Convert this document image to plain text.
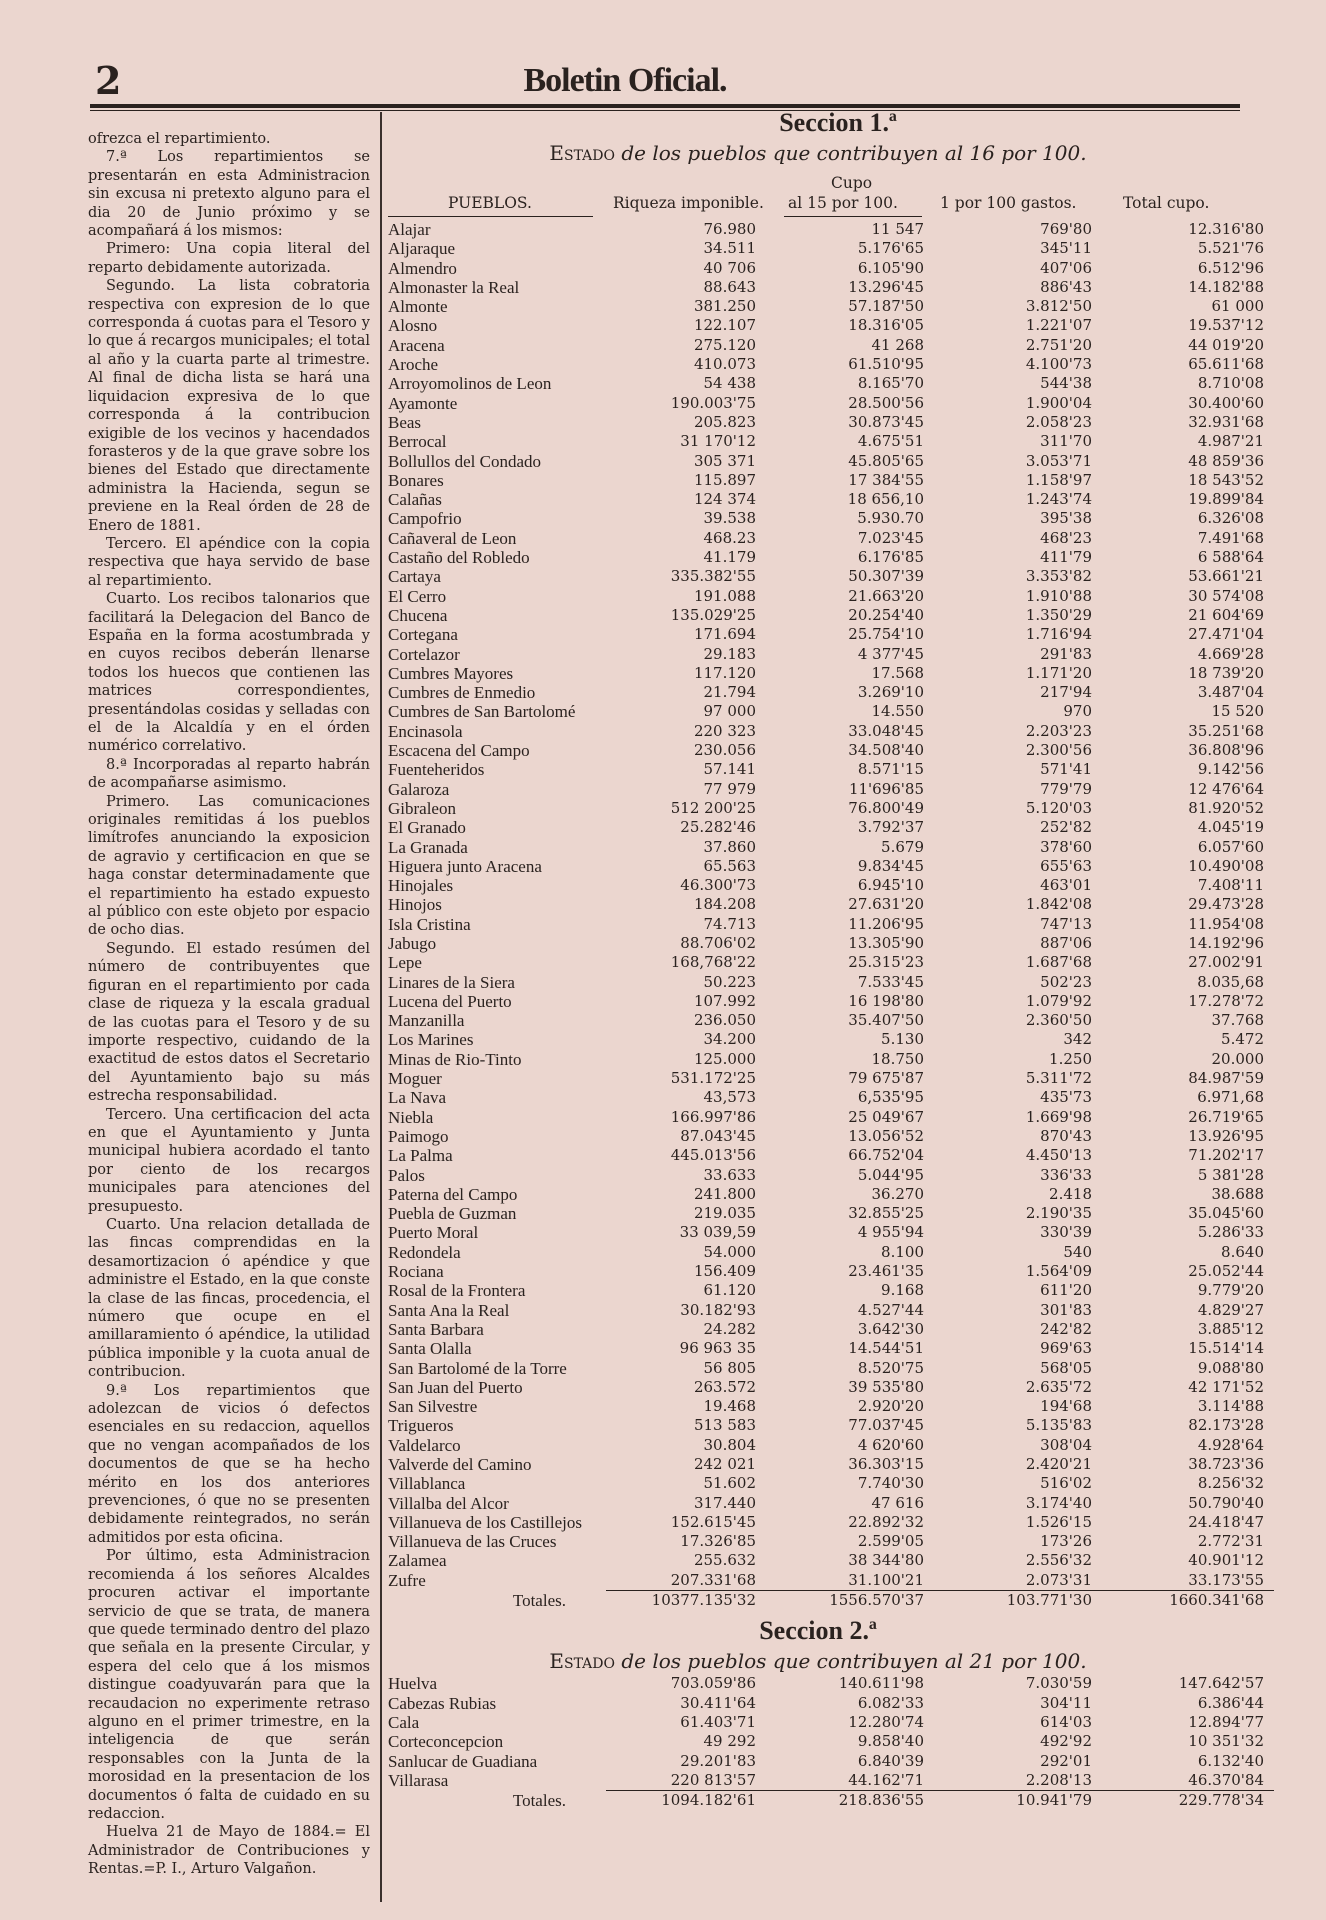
2	Boletin Oficial.

ofrezca el repartimiento.

7.ª Los repartimientos se presentarán en esta Administracion sin excusa ni pretexto alguno para el dia 20 de Junio próximo y se acompañará á los mismos:

Primero: Una copia literal del reparto debidamente autorizada.

Segundo. La lista cobratoria respectiva con expresion de lo que corresponda á cuotas para el Tesoro y lo que á recargos municipales; el total al año y la cuarta parte al trimestre. Al final de dicha lista se hará una liquidacion expresiva de lo que corresponda á la contribucion exigible de los vecinos y hacendados forasteros y de la que grave sobre los bienes del Estado que directamente administra la Hacienda, segun se previene en la Real órden de 28 de Enero de 1881.

Tercero. El apéndice con la copia respectiva que haya servido de base al repartimiento.

Cuarto. Los recibos talonarios que facilitará la Delegacion del Banco de España en la forma acostumbrada y en cuyos recibos deberán llenarse todos los huecos que contienen las matrices correspondientes, presentándolas cosidas y selladas con el de la Alcaldía y en el órden numérico correlativo.

8.ª Incorporadas al reparto habrán de acompañarse asimismo.

Primero. Las comunicaciones originales remitidas á los pueblos limítrofes anunciando la exposicion de agravio y certificacion en que se haga constar determinadamente que el repartimiento ha estado expuesto al público con este objeto por espacio de ocho dias.

Segundo. El estado resúmen del número de contribuyentes que figuran en el repartimiento por cada clase de riqueza y la escala gradual de las cuotas para el Tesoro y de su importe respectivo, cuidando de la exactitud de estos datos el Secretario del Ayuntamiento bajo su más estrecha responsabilidad.

Tercero. Una certificacion del acta en que el Ayuntamiento y Junta municipal hubiera acordado el tanto por ciento de los recargos municipales para atenciones del presupuesto.

Cuarto. Una relacion detallada de las fincas comprendidas en la desamortizacion ó apéndice y que administre el Estado, en la que conste la clase de las fincas, procedencia, el número que ocupe en el amillaramiento ó apéndice, la utilidad pública imponible y la cuota anual de contribucion.

9.ª Los repartimientos que adolezcan de vicios ó defectos esenciales en su redaccion, aquellos que no vengan acompañados de los documentos de que se ha hecho mérito en los dos anteriores prevenciones, ó que no se presenten debidamente reintegrados, no serán admitidos por esta oficina.

Por último, esta Administracion recomienda á los señores Alcaldes procuren activar el importante servicio de que se trata, de manera que quede terminado dentro del plazo que señala en la presente Circular, y espera del celo que á los mismos distingue coadyuvarán para que la recaudacion no experimente retraso alguno en el primer trimestre, en la inteligencia de que serán responsables con la Junta de la morosidad en la presentacion de los documentos ó falta de cuidado en su redaccion.

Huelva 21 de Mayo de 1884.= El Administrador de Contribuciones y Rentas.=P. I., Arturo Valgañon.

Seccion 1.ª

Estado de los pueblos que contribuyen al 16 por 100.

PUEBLOS.	Riqueza imponible.
Cupo
al 15 por 100.	1 por 100 gastos.	Total cupo.
Alajar	76.980	11 547	769'80	12.316'80
Aljaraque	34.511	5.176'65	345'11	5.521'76
Almendro	40 706	6.105'90	407'06	6.512'96
Almonaster la Real	88.643	13.296'45	886'43	14.182'88
Almonte	381.250	57.187'50	3.812'50	61 000
Alosno	122.107	18.316'05	1.221'07	19.537'12
Aracena	275.120	41 268	2.751'20	44 019'20
Aroche	410.073	61.510'95	4.100'73	65.611'68
Arroyomolinos de Leon	54 438	8.165'70	544'38	8.710'08
Ayamonte	190.003'75	28.500'56	1.900'04	30.400'60
Beas	205.823	30.873'45	2.058'23	32.931'68
Berrocal	31 170'12	4.675'51	311'70	4.987'21
Bollullos del Condado	305 371	45.805'65	3.053'71	48 859'36
Bonares	115.897	17 384'55	1.158'97	18 543'52
Calañas	124 374	18 656,10	1.243'74	19.899'84
Campofrio	39.538	5.930.70	395'38	6.326'08
Cañaveral de Leon	468.23	7.023'45	468'23	7.491'68
Castaño del Robledo	41.179	6.176'85	411'79	6 588'64
Cartaya	335.382'55	50.307'39	3.353'82	53.661'21
El Cerro	191.088	21.663'20	1.910'88	30 574'08
Chucena	135.029'25	20.254'40	1.350'29	21 604'69
Cortegana	171.694	25.754'10	1.716'94	27.471'04
Cortelazor	29.183	4 377'45	291'83	4.669'28
Cumbres Mayores	117.120	17.568	1.171'20	18 739'20
Cumbres de Enmedio	21.794	3.269'10	217'94	3.487'04
Cumbres de San Bartolomé	97 000	14.550	970	15 520
Encinasola	220 323	33.048'45	2.203'23	35.251'68
Escacena del Campo	230.056	34.508'40	2.300'56	36.808'96
Fuenteheridos	57.141	8.571'15	571'41	9.142'56
Galaroza	77 979	11'696'85	779'79	12 476'64
Gibraleon	512 200'25	76.800'49	5.120'03	81.920'52
El Granado	25.282'46	3.792'37	252'82	4.045'19
La Granada	37.860	5.679	378'60	6.057'60
Higuera junto Aracena	65.563	9.834'45	655'63	10.490'08
Hinojales	46.300'73	6.945'10	463'01	7.408'11
Hinojos	184.208	27.631'20	1.842'08	29.473'28
Isla Cristina	74.713	11.206'95	747'13	11.954'08
Jabugo	88.706'02	13.305'90	887'06	14.192'96
Lepe	168,768'22	25.315'23	1.687'68	27.002'91
Linares de la Siera	50.223	7.533'45	502'23	8.035,68
Lucena del Puerto	107.992	16 198'80	1.079'92	17.278'72
Manzanilla	236.050	35.407'50	2.360'50	37.768
Los Marines	34.200	5.130	342	5.472
Minas de Rio-Tinto	125.000	18.750	1.250	20.000
Moguer	531.172'25	79 675'87	5.311'72	84.987'59
La Nava	43,573	6,535'95	435'73	6.971,68
Niebla	166.997'86	25 049'67	1.669'98	26.719'65
Paimogo	87.043'45	13.056'52	870'43	13.926'95
La Palma	445.013'56	66.752'04	4.450'13	71.202'17
Palos	33.633	5.044'95	336'33	5 381'28
Paterna del Campo	241.800	36.270	2.418	38.688
Puebla de Guzman	219.035	32.855'25	2.190'35	35.045'60
Puerto Moral	33 039,59	4 955'94	330'39	5.286'33
Redondela	54.000	8.100	540	8.640
Rociana	156.409	23.461'35	1.564'09	25.052'44
Rosal de la Frontera	61.120	9.168	611'20	9.779'20
Santa Ana la Real	30.182'93	4.527'44	301'83	4.829'27
Santa Barbara	24.282	3.642'30	242'82	3.885'12
Santa Olalla	96 963 35	14.544'51	969'63	15.514'14
San Bartolomé de la Torre	56 805	8.520'75	568'05	9.088'80
San Juan del Puerto	263.572	39 535'80	2.635'72	42 171'52
San Silvestre	19.468	2.920'20	194'68	3.114'88
Trigueros	513 583	77.037'45	5.135'83	82.173'28
Valdelarco	30.804	4 620'60	308'04	4.928'64
Valverde del Camino	242 021	36.303'15	2.420'21	38.723'36
Villablanca	51.602	7.740'30	516'02	8.256'32
Villalba del Alcor	317.440	47 616	3.174'40	50.790'40
Villanueva de los Castillejos	152.615'45	22.892'32	1.526'15	24.418'47
Villanueva de las Cruces	17.326'85	2.599'05	173'26	2.772'31
Zalamea	255.632	38 344'80	2.556'32	40.901'12
Zufre	207.331'68	31.100'21	2.073'31	33.173'55
Totales.	10377.135'32	1556.570'37	103.771'30	1660.341'68
Seccion 2.ª

Estado de los pueblos que contribuyen al 21 por 100.

Huelva	703.059'86	140.611'98	7.030'59	147.642'57
Cabezas Rubias	30.411'64	6.082'33	304'11	6.386'44
Cala	61.403'71	12.280'74	614'03	12.894'77
Corteconcepcion	49 292	9.858'40	492'92	10 351'32
Sanlucar de Guadiana	29.201'83	6.840'39	292'01	6.132'40
Villarasa	220 813'57	44.162'71	2.208'13	46.370'84
Totales.	1094.182'61	218.836'55	10.941'79	229.778'34
